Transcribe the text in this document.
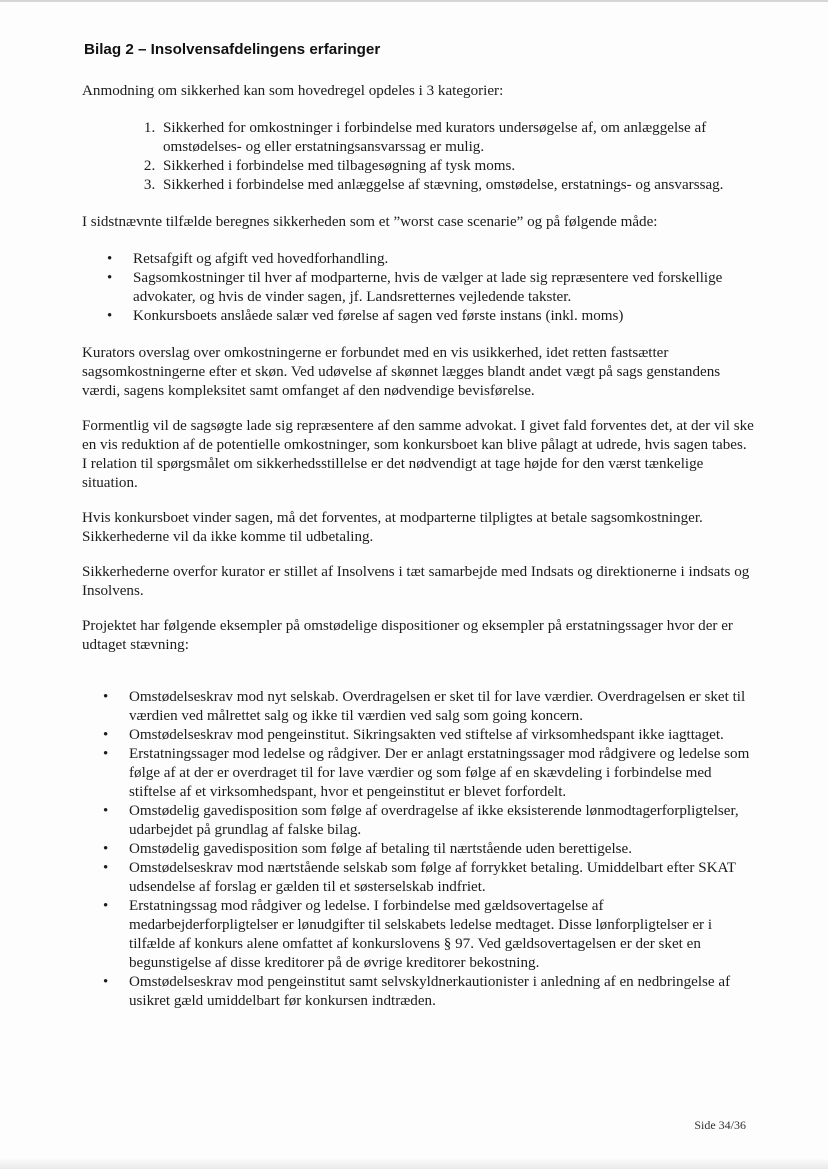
Bilag 2 – Insolvensafdelingens erfaringer

Anmodning om sikkerhed kan som hovedregel opdeles i 3 kategorier:

1. Sikkerhed for omkostninger i forbindelse med kurators undersøgelse af, om anlæggelse af omstødelses- og eller erstatningsansvarssag er mulig.
2. Sikkerhed i forbindelse med tilbagesøgning af tysk moms.
3. Sikkerhed i forbindelse med anlæggelse af stævning, omstødelse, erstatnings- og ansvarssag.

I sidstnævnte tilfælde beregnes sikkerheden som et ”worst case scenarie” og på følgende måde:

• Retsafgift og afgift ved hovedforhandling.
• Sagsomkostninger til hver af modparterne, hvis de vælger at lade sig repræsentere ved forskellige advokater, og hvis de vinder sagen, jf. Landsretternes vejledende takster.
• Konkursboets anslåede salær ved førelse af sagen ved første instans (inkl. moms)

Kurators overslag over omkostningerne er forbundet med en vis usikkerhed, idet retten fastsætter sagsomkostningerne efter et skøn. Ved udøvelse af skønnet lægges blandt andet vægt på sags genstandens værdi, sagens kompleksitet samt omfanget af den nødvendige bevisførelse.

Formentlig vil de sagsøgte lade sig repræsentere af den samme advokat. I givet fald forventes det, at der vil ske en vis reduktion af de potentielle omkostninger, som konkursboet kan blive pålagt at udrede, hvis sagen tabes. I relation til spørgsmålet om sikkerhedsstillelse er det nødvendigt at tage højde for den værst tænkelige situation.

Hvis konkursboet vinder sagen, må det forventes, at modparterne tilpligtes at betale sagsomkostninger. Sikkerhederne vil da ikke komme til udbetaling.

Sikkerhederne overfor kurator er stillet af Insolvens i tæt samarbejde med Indsats og direktionerne i indsats og Insolvens.

Projektet har følgende eksempler på omstødelige dispositioner og eksempler på erstatningssager hvor der er udtaget stævning:

• Omstødelseskrav mod nyt selskab. Overdragelsen er sket til for lave værdier. Overdragelsen er sket til værdien ved målrettet salg og ikke til værdien ved salg som going koncern.
• Omstødelseskrav mod pengeinstitut. Sikringsakten ved stiftelse af virksomhedspant ikke iagttaget.
• Erstatningssager mod ledelse og rådgiver. Der er anlagt erstatningssager mod rådgivere og ledelse som følge af at der er overdraget til for lave værdier og som følge af en skævdeling i forbindelse med stiftelse af et virksomhedspant, hvor et pengeinstitut er blevet forfordelt.
• Omstødelig gavedisposition som følge af overdragelse af ikke eksisterende lønmodtagerforpligtelser, udarbejdet på grundlag af falske bilag.
• Omstødelig gavedisposition som følge af betaling til nærtstående uden berettigelse.
• Omstødelseskrav mod nærtstående selskab som følge af forrykket betaling. Umiddelbart efter SKAT udsendelse af forslag er gælden til et søsterselskab indfriet.
• Erstatningssag mod rådgiver og ledelse. I forbindelse med gældsovertagelse af medarbejderforpligtelser er lønudgifter til selskabets ledelse medtaget. Disse lønforpligtelser er i tilfælde af konkurs alene omfattet af konkurslovens § 97. Ved gældsovertagelsen er der sket en begunstigelse af disse kreditorer på de øvrige kreditorer bekostning.
• Omstødelseskrav mod pengeinstitut samt selvskyldnerkautionister i anledning af en nedbringelse af usikret gæld umiddelbart før konkursen indtræden.
Side 34/36
